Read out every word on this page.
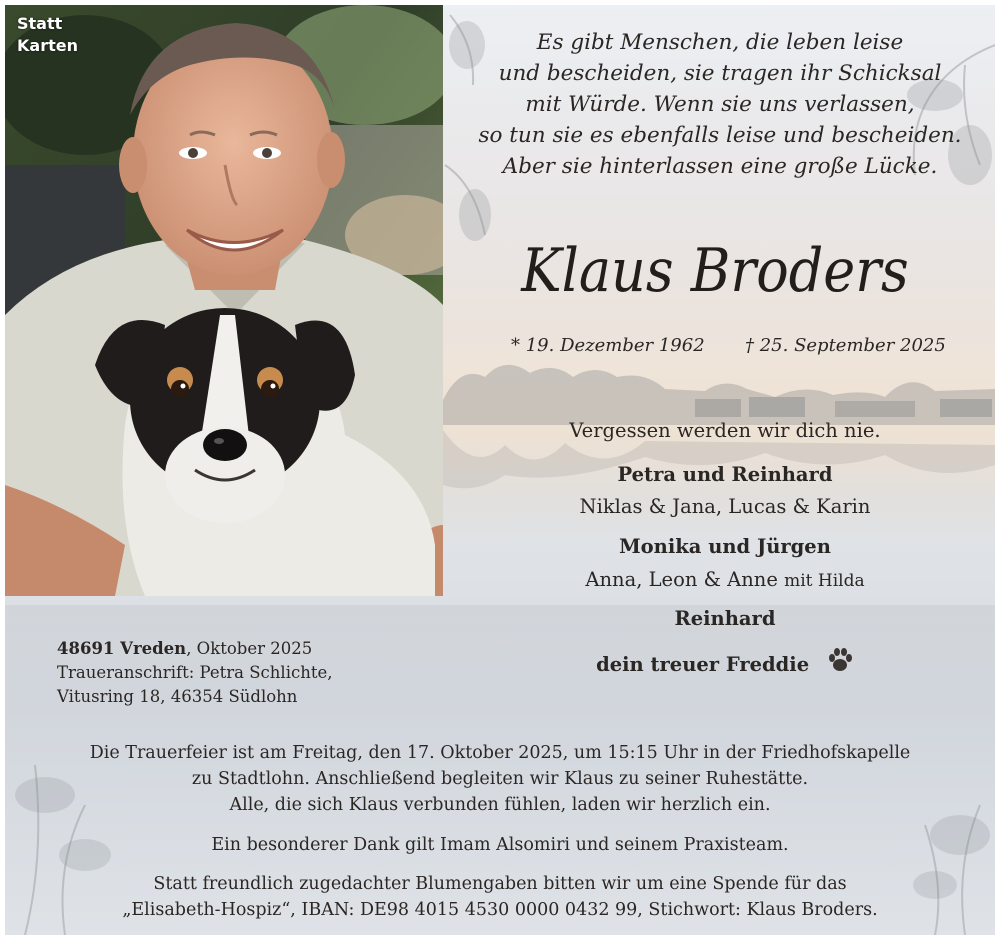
Statt
Karten	Es gibt Menschen, die leben leise
und bescheiden, sie tragen ihr Schicksal
mit Würde. Wenn sie uns verlassen,
so tun sie es ebenfalls leise und bescheiden.
Aber sie hinterlassen eine große Lücke.
Klaus Broders
* 19. Dezember 1962 † 25. September 2025
Vergessen werden wir dich nie.
Petra und Reinhard
Niklas & Jana, Lucas & Karin
Monika und Jürgen
Anna, Leon & Anne mit Hilda
Reinhard
dein treuer Freddie
48691 Vreden, Oktober 2025
Traueranschrift: Petra Schlichte,
Vitusring 18, 46354 Südlohn
Die Trauerfeier ist am Freitag, den 17. Oktober 2025, um 15:15 Uhr in der Friedhofskapelle
zu Stadtlohn. Anschließend begleiten wir Klaus zu seiner Ruhestätte.
Alle, die sich Klaus verbunden fühlen, laden wir herzlich ein.
Ein besonderer Dank gilt Imam Alsomiri und seinem Praxisteam.
Statt freundlich zugedachter Blumengaben bitten wir um eine Spende für das
„Elisabeth-Hospiz“, IBAN: DE98 4015 4530 0000 0432 99, Stichwort: Klaus Broders.
